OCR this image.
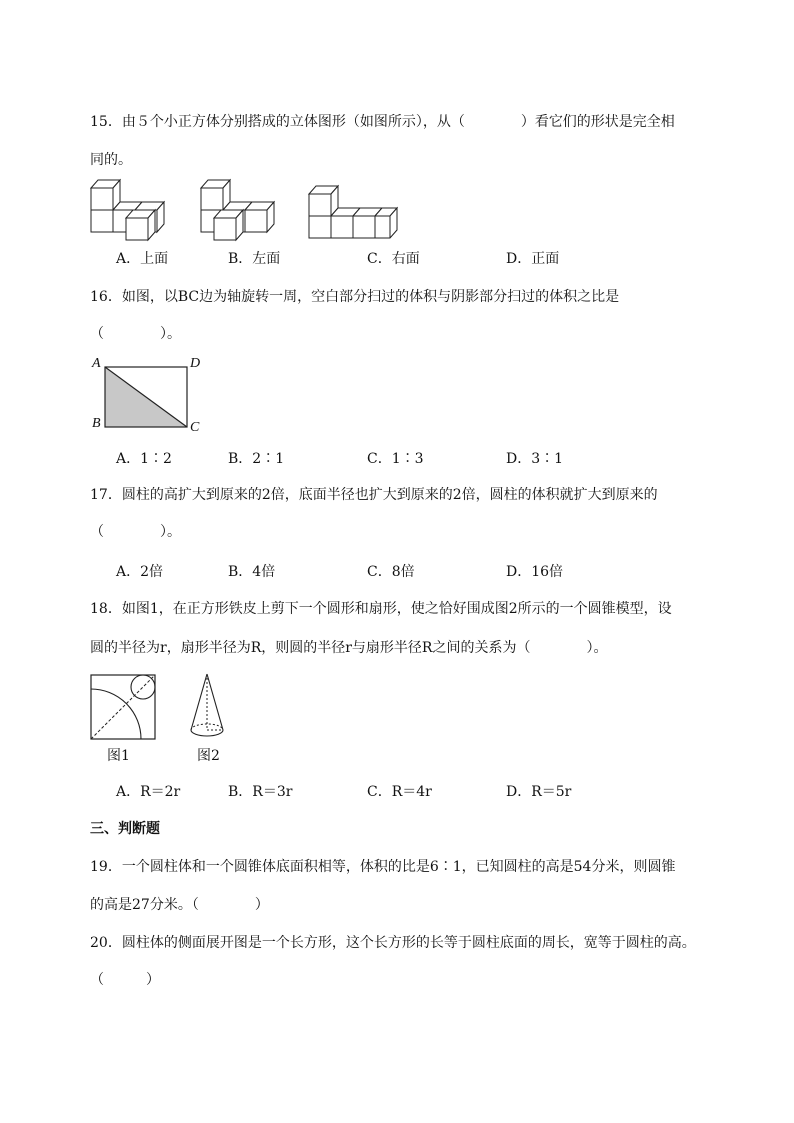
15．由５个小正方体分别搭成的立体图形（如图所示），从（　　　　）看它们的形状是完全相
同的。
A．上面	B．左面	C．右面	D．正面
16．如图，以BC边为轴旋转一周，空白部分扫过的体积与阴影部分扫过的体积之比是
（　　　　）。
A	D
B	C
A．1∶2	B．2∶1	C．1∶3	D．3∶1
17．圆柱的高扩大到原来的2倍，底面半径也扩大到原来的2倍，圆柱的体积就扩大到原来的
（　　　　）。
A．2倍	B．4倍	C．8倍	D．16倍
18．如图1，在正方形铁皮上剪下一个圆形和扇形，使之恰好围成图2所示的一个圆锥模型，设
圆的半径为r，扇形半径为R，则圆的半径r与扇形半径R之间的关系为（　　　　）。
图1	图2
A．R＝2r	B．R＝3r	C．R＝4r	D．R＝5r
三、判断题
19．一个圆柱体和一个圆锥体底面积相等，体积的比是6∶1，已知圆柱的高是54分米，则圆锥
的高是27分米。（　　　　）
20．圆柱体的侧面展开图是一个长方形，这个长方形的长等于圆柱底面的周长，宽等于圆柱的高。
（　　　）
